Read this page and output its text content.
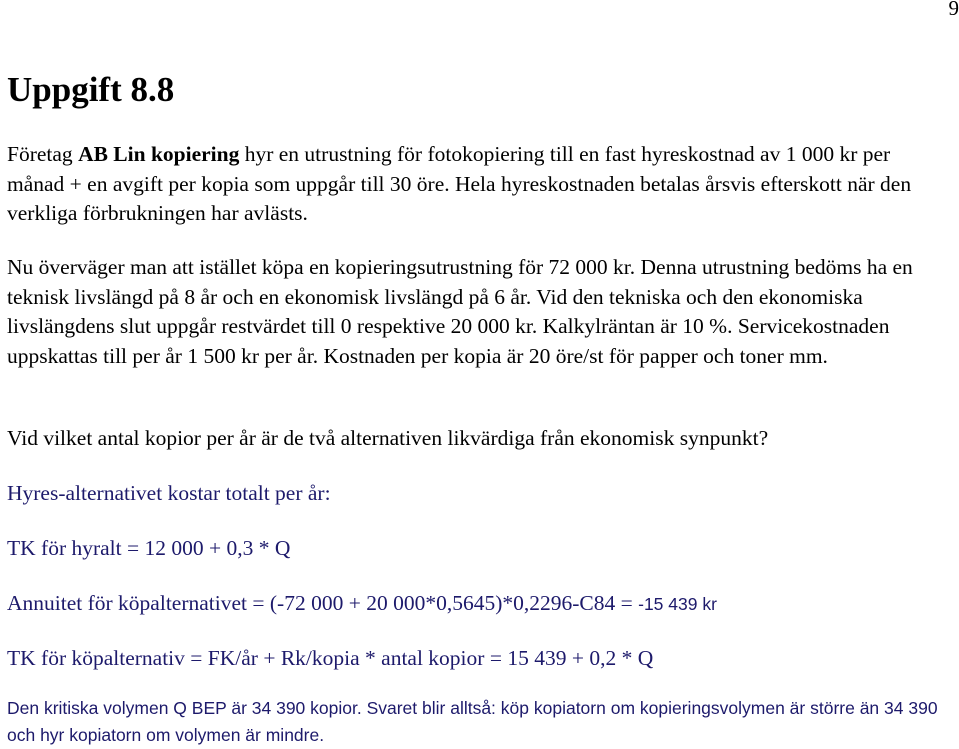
9
Uppgift 8.8

Företag AB Lin kopiering hyr en utrustning för fotokopiering till en fast hyreskostnad av 1 000 kr per månad + en avgift per kopia som uppgår till 30 öre. Hela hyreskostnaden betalas årsvis efterskott när den verkliga förbrukningen har avlästs.

Nu överväger man att istället köpa en kopieringsutrustning för 72 000 kr. Denna utrustning bedöms ha en teknisk livslängd på 8 år och en ekonomisk livslängd på 6 år. Vid den tekniska och den ekonomiska livslängdens slut uppgår restvärdet till 0 respektive 20 000 kr. Kalkylräntan är 10 %. Servicekostnaden uppskattas till per år 1 500 kr per år. Kostnaden per kopia är 20 öre/st för papper och toner mm.

Vid vilket antal kopior per år är de två alternativen likvärdiga från ekonomisk synpunkt?

Hyres-alternativet kostar totalt per år:

TK för hyralt = 12 000 + 0,3 * Q

Annuitet för köpalternativet = (-72 000 + 20 000*0,5645)*0,2296-C84 = -15 439 kr

TK för köpalternativ = FK/år + Rk/kopia * antal kopior = 15 439 + 0,2 * Q

Den kritiska volymen Q BEP är 34 390 kopior. Svaret blir alltså: köp kopiatorn om kopieringsvolymen är större än 34 390 och hyr kopiatorn om volymen är mindre.
